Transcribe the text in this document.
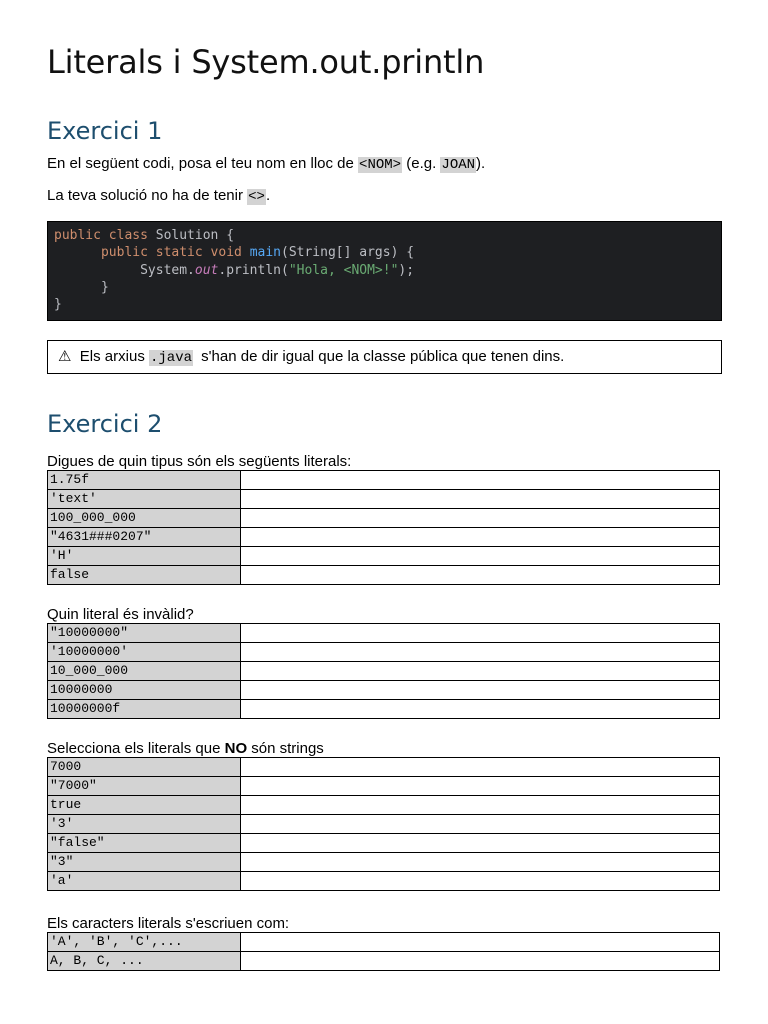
Literals i System.out.println
Exercici 1

En el següent codi, posa el teu nom en lloc de <NOM> (e.g. JOAN).

La teva solució no ha de tenir <>.

public class Solution {
public static void main(String[] args) {
System.out.println("Hola, <NOM>!");
}
}
⚠ Els arxius .java s'han de dir igual que la classe pública que tenen dins.
Exercici 2

Digues de quin tipus són els següents literals:

1.75f	
'text'	
100_000_000	
"4631###0207"	
'H'	
false	

Quin literal és invàlid?

"10000000"	
'10000000'	
10_000_000	
10000000	
10000000f	

Selecciona els literals que NO són strings

7000	
"7000"	
true	
'3'	
"false"	
"3"	
'a'	

Els caracters literals s'escriuen com:

'A', 'B', 'C',...	
A, B, C, ...	
